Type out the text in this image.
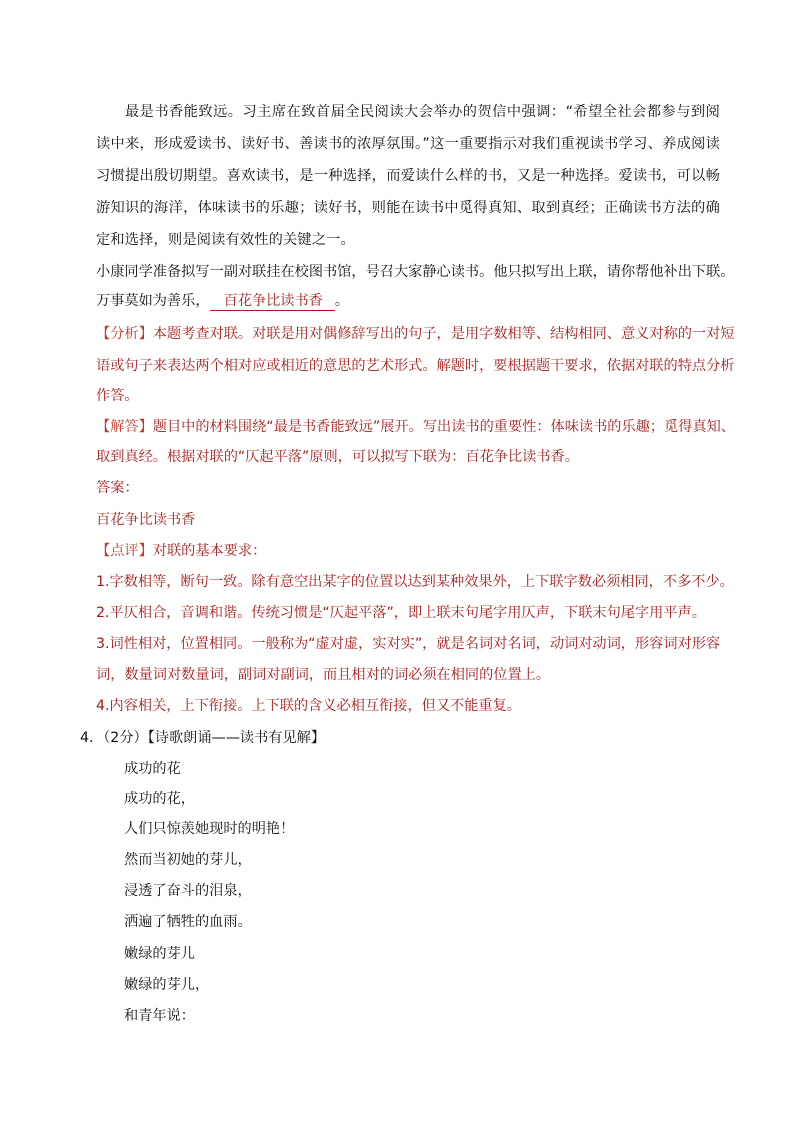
最是书香能致远。习主席在致首届全民阅读大会举办的贺信中强调：“希望全社会都参与到阅读中来，形成爱读书、读好书、善读书的浓厚氛围。”这一重要指示对我们重视读书学习、养成阅读习惯提出殷切期望。喜欢读书，是一种选择，而爱读什么样的书，又是一种选择。爱读书，可以畅游知识的海洋，体味读书的乐趣；读好书，则能在读书中觅得真知、取到真经；正确读书方法的确定和选择，则是阅读有效性的关键之一。
小康同学准备拟写一副对联挂在校图书馆，号召大家静心读书。他只拟写出上联，请你帮他补出下联。
万事莫如为善乐， 百花争比读书香 。
【分析】本题考查对联。对联是用对偶修辞写出的句子，是用字数相等、结构相同、意义对称的一对短
语或句子来表达两个相对应或相近的意思的艺术形式。解题时，要根据题干要求，依据对联的特点分析
作答。
【解答】题目中的材料围绕“最是书香能致远”展开。写出读书的重要性：体味读书的乐趣；觅得真知、
取到真经。根据对联的“仄起平落”原则，可以拟写下联为：百花争比读书香。
答案：
百花争比读书香
【点评】对联的基本要求：
1.字数相等，断句一致。除有意空出某字的位置以达到某种效果外，上下联字数必须相同，不多不少。
2.平仄相合，音调和谐。传统习惯是“仄起平落”，即上联末句尾字用仄声，下联末句尾字用平声。
3.词性相对，位置相同。一般称为“虚对虚，实对实”，就是名词对名词，动词对动词，形容词对形容
词，数量词对数量词，副词对副词，而且相对的词必须在相同的位置上。
4.内容相关，上下衔接。上下联的含义必相互衔接，但又不能重复。
4．（2分）【诗歌朗诵——读书有见解】
成功的花
成功的花，
人们只惊羡她现时的明艳！
然而当初她的芽儿，
浸透了奋斗的泪泉，
洒遍了牺牲的血雨。
嫩绿的芽儿
嫩绿的芽儿，
和青年说：
